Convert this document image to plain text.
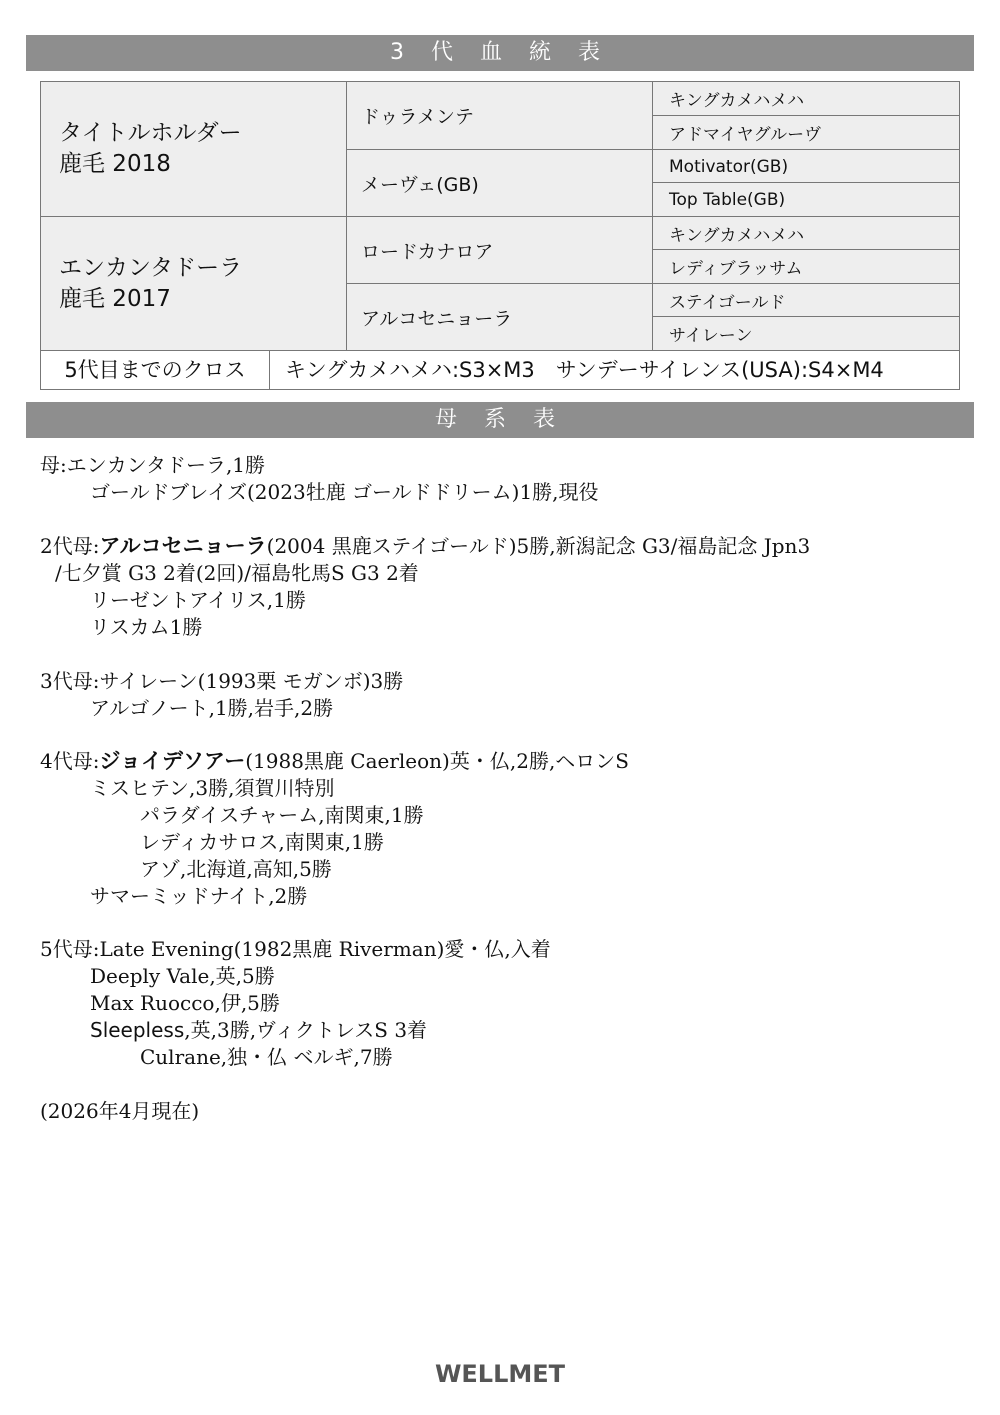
3 代 血 統 表
タイトルホルダー
鹿毛 2018
エンカンタドーラ
鹿毛 2017
ドゥラメンテ
メーヴェ(GB)
ロードカナロア
アルコセニョーラ
キングカメハメハ
アドマイヤグルーヴ
Motivator(GB)
Top Table(GB)
キングカメハメハ
レディブラッサム
ステイゴールド
サイレーン
5代目までのクロス	キングカメハメハ:S3×M3　サンデーサイレンス(USA):S4×M4
母 系 表
母:エンカンタドーラ,1勝
ゴールドブレイズ(2023牡鹿 ゴールドドリーム)1勝,現役
2代母:アルコセニョーラ(2004 黒鹿ステイゴールド)5勝,新潟記念 G3/福島記念 Jpn3
/七夕賞 G3 2着(2回)/福島牝馬S G3 2着
リーゼントアイリス,1勝
リスカム1勝
3代母:サイレーン(1993栗 モガンボ)3勝
アルゴノート,1勝,岩手,2勝
4代母:ジョイデソアー(1988黒鹿 Caerleon)英・仏,2勝,ヘロンS
ミスヒテン,3勝,須賀川特別
パラダイスチャーム,南関東,1勝
レディカサロス,南関東,1勝
アゾ,北海道,高知,5勝
サマーミッドナイト,2勝
5代母:Late Evening(1982黒鹿 Riverman)愛・仏,入着
Deeply Vale,英,5勝
Max Ruocco,伊,5勝
Sleepless,英,3勝,ヴィクトレスS 3着
Culrane,独・仏 ベルギ,7勝
(2026年4月現在)
WELLMET
